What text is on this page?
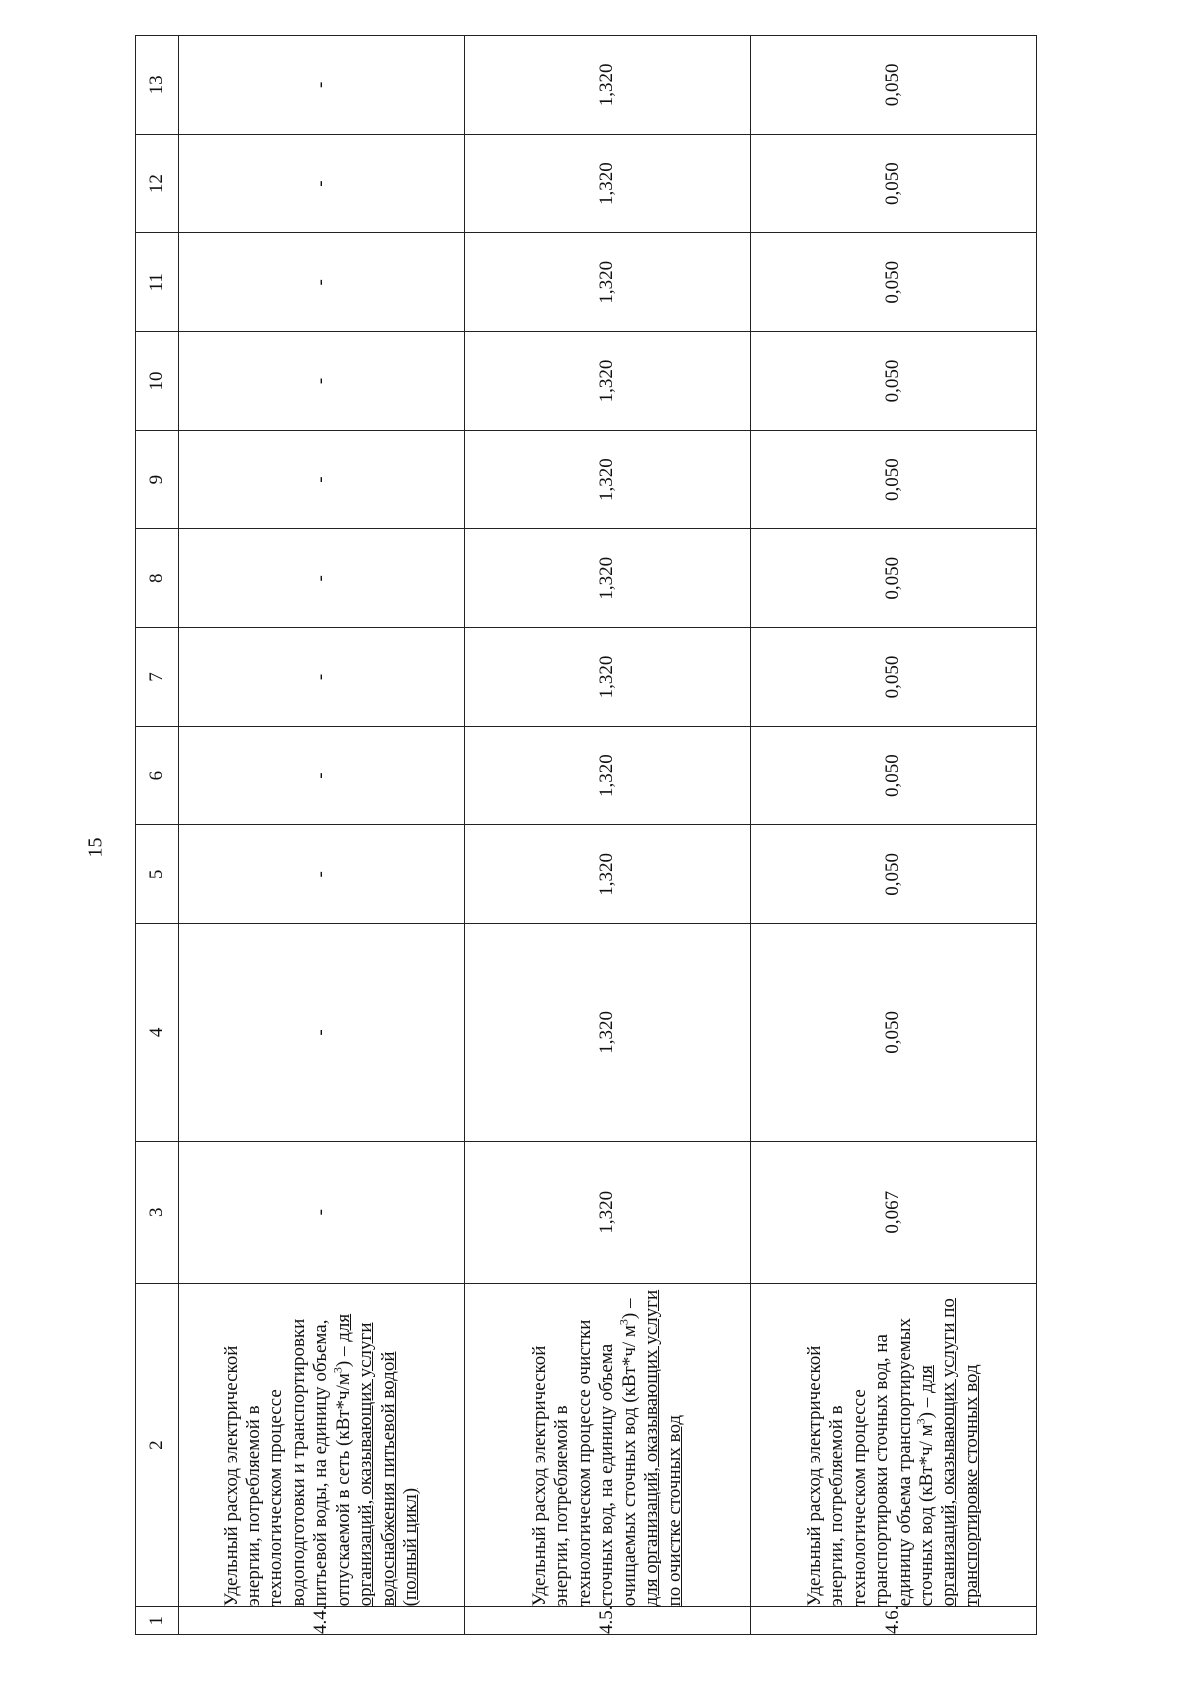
15
1	2	3	4	5	6	7	8	9	10	11	12	13
4.4.	Удельный расход электрической энергии, потребляемой в технологическом процессе водоподготовки и транспортировки питьевой воды, на единицу объема, отпускаемой в сеть $(кВт*ч/м^3)$ – для организаций, оказывающих услуги водоснабжения питьевой водой (полный цикл)	-	-	-	-	-	-	-	-	-	-	-
4.5.	Удельный расход электрической энергии, потребляемой в технологическом процессе очистки сточных вод, на единицу объема очищаемых сточных вод (кВт*ч/ $м^3$) – для организаций, оказывающих услуги по очистке сточных вод	1,320	1,320	1,320	1,320	1,320	1,320	1,320	1,320	1,320	1,320	1,320
4.6.	Удельный расход электрической энергии, потребляемой в технологическом процессе транспортировки сточных вод, на единицу объема транспортируемых сточных вод (кВт*ч/ $м^3$) – для организаций, оказывающих услуги по транспортировке сточных вод	0,067	0,050	0,050	0,050	0,050	0,050	0,050	0,050	0,050	0,050	0,050
